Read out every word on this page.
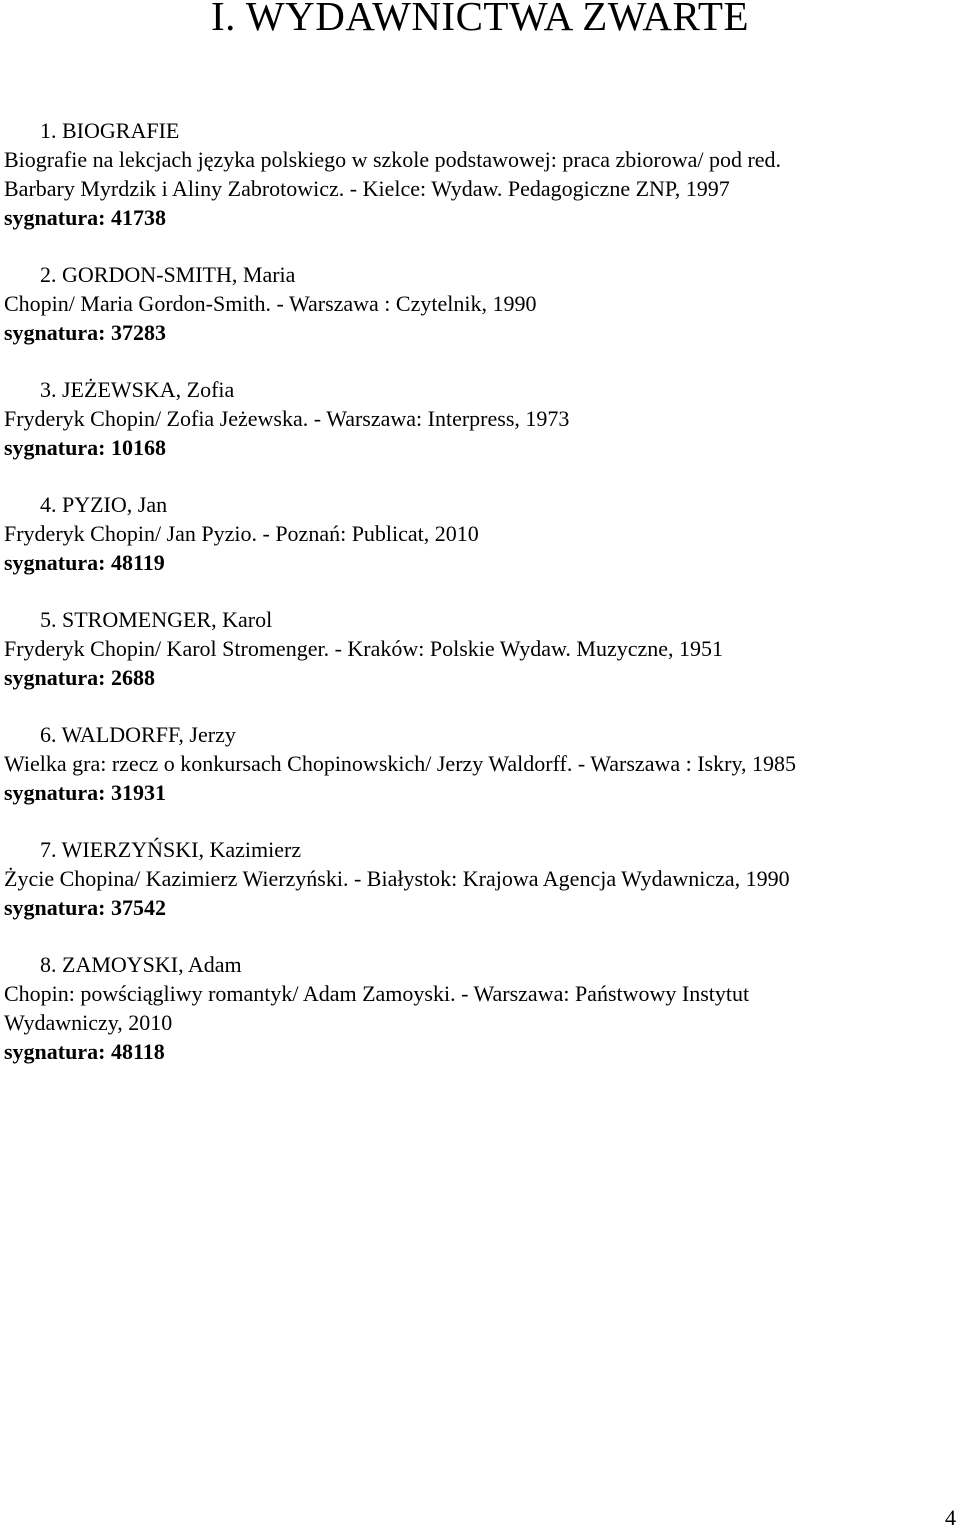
I. WYDAWNICTWA ZWARTE
1. BIOGRAFIE
Biografie na lekcjach języka polskiego w szkole podstawowej: praca zbiorowa/ pod red.
Barbary Myrdzik i Aliny Zabrotowicz. - Kielce: Wydaw. Pedagogiczne ZNP, 1997
sygnatura: 41738
2. GORDON-SMITH, Maria
Chopin/ Maria Gordon-Smith. - Warszawa : Czytelnik, 1990
sygnatura: 37283
3. JEŻEWSKA, Zofia
Fryderyk Chopin/ Zofia Jeżewska. - Warszawa: Interpress, 1973
sygnatura: 10168
4. PYZIO, Jan
Fryderyk Chopin/ Jan Pyzio. - Poznań: Publicat, 2010
sygnatura: 48119
5. STROMENGER, Karol
Fryderyk Chopin/ Karol Stromenger. - Kraków: Polskie Wydaw. Muzyczne, 1951
sygnatura: 2688
6. WALDORFF, Jerzy
Wielka gra: rzecz o konkursach Chopinowskich/ Jerzy Waldorff. - Warszawa : Iskry, 1985
sygnatura: 31931
7. WIERZYŃSKI, Kazimierz
Życie Chopina/ Kazimierz Wierzyński. - Białystok: Krajowa Agencja Wydawnicza, 1990
sygnatura: 37542
8. ZAMOYSKI, Adam
Chopin: powściągliwy romantyk/ Adam Zamoyski. - Warszawa: Państwowy Instytut
Wydawniczy, 2010
sygnatura: 48118
4
